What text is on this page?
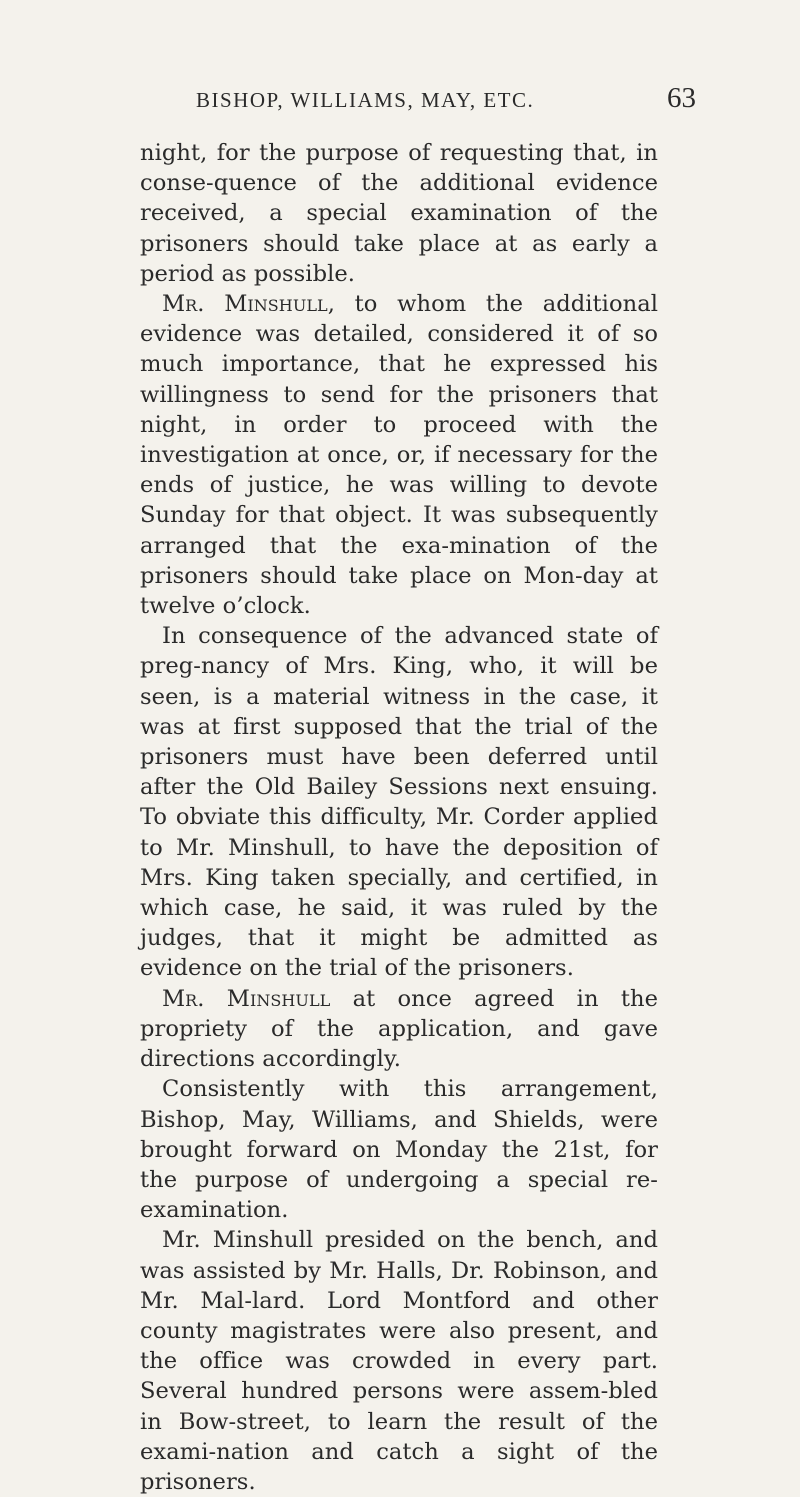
BISHOP, WILLIAMS, MAY, ETC.	63

night, for the purpose of requesting that, in conse-quence of the additional evidence received, a special examination of the prisoners should take place at as early a period as possible.

Mr. Minshull, to whom the additional evidence was detailed, considered it of so much importance, that he expressed his willingness to send for the prisoners that night, in order to proceed with the investigation at once, or, if necessary for the ends of justice, he was willing to devote Sunday for that object. It was subsequently arranged that the exa-mination of the prisoners should take place on Mon-day at twelve o’clock.

In consequence of the advanced state of preg-nancy of Mrs. King, who, it will be seen, is a material witness in the case, it was at first supposed that the trial of the prisoners must have been deferred until after the Old Bailey Sessions next ensuing. To obviate this difficulty, Mr. Corder applied to Mr. Minshull, to have the deposition of Mrs. King taken specially, and certified, in which case, he said, it was ruled by the judges, that it might be admitted as evidence on the trial of the prisoners.

Mr. Minshull at once agreed in the propriety of the application, and gave directions accordingly.

Consistently with this arrangement, Bishop, May, Williams, and Shields, were brought forward on Monday the 21st, for the purpose of undergoing a special re-examination.

Mr. Minshull presided on the bench, and was assisted by Mr. Halls, Dr. Robinson, and Mr. Mal-lard. Lord Montford and other county magistrates were also present, and the office was crowded in every part. Several hundred persons were assem-bled in Bow-street, to learn the result of the exami-nation and catch a sight of the prisoners.
